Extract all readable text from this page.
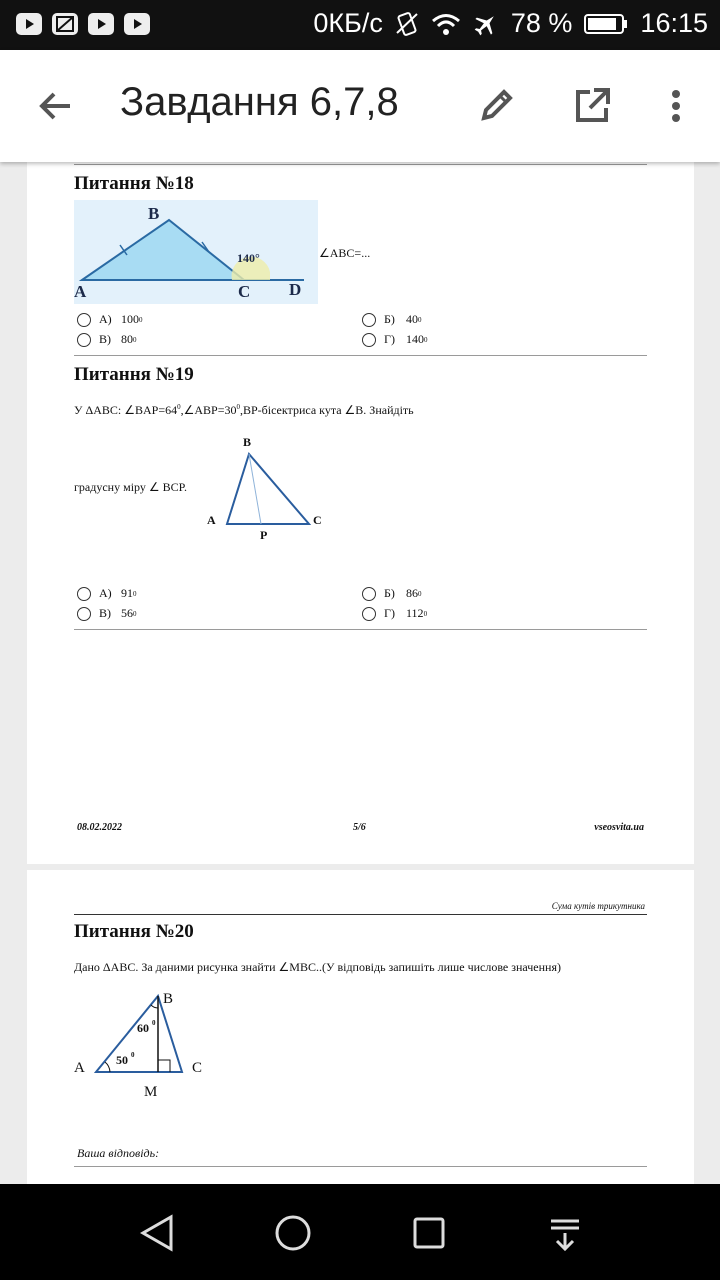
0КБ/с	78 %	16:15
Завдання 6,7,8
Питання №18
B
A	C D
140°	∠ABC=...
А) 100 0	Б) 40 0
В) 80 0	Г) 140 0
Питання №19
У ΔABC: $\angle BAP=64^0,\angle ABP=30^0,BP$-бісектриса кута ∠B. Знайдіть
градусну міру ∠ BCP.
B
A	C
P
А) 91 0	Б) 86 0
В) 56 0	Г) 112 0
08.02.2022	5/6	vseosvita.ua
Сума кутів трикутника
Питання №20
Дано ΔABC. За даними рисунка знайти ∠MBC..(У відповідь запишіть лише числове значення)
B
A	C
M
60 0
50 0
Ваша відповідь:
